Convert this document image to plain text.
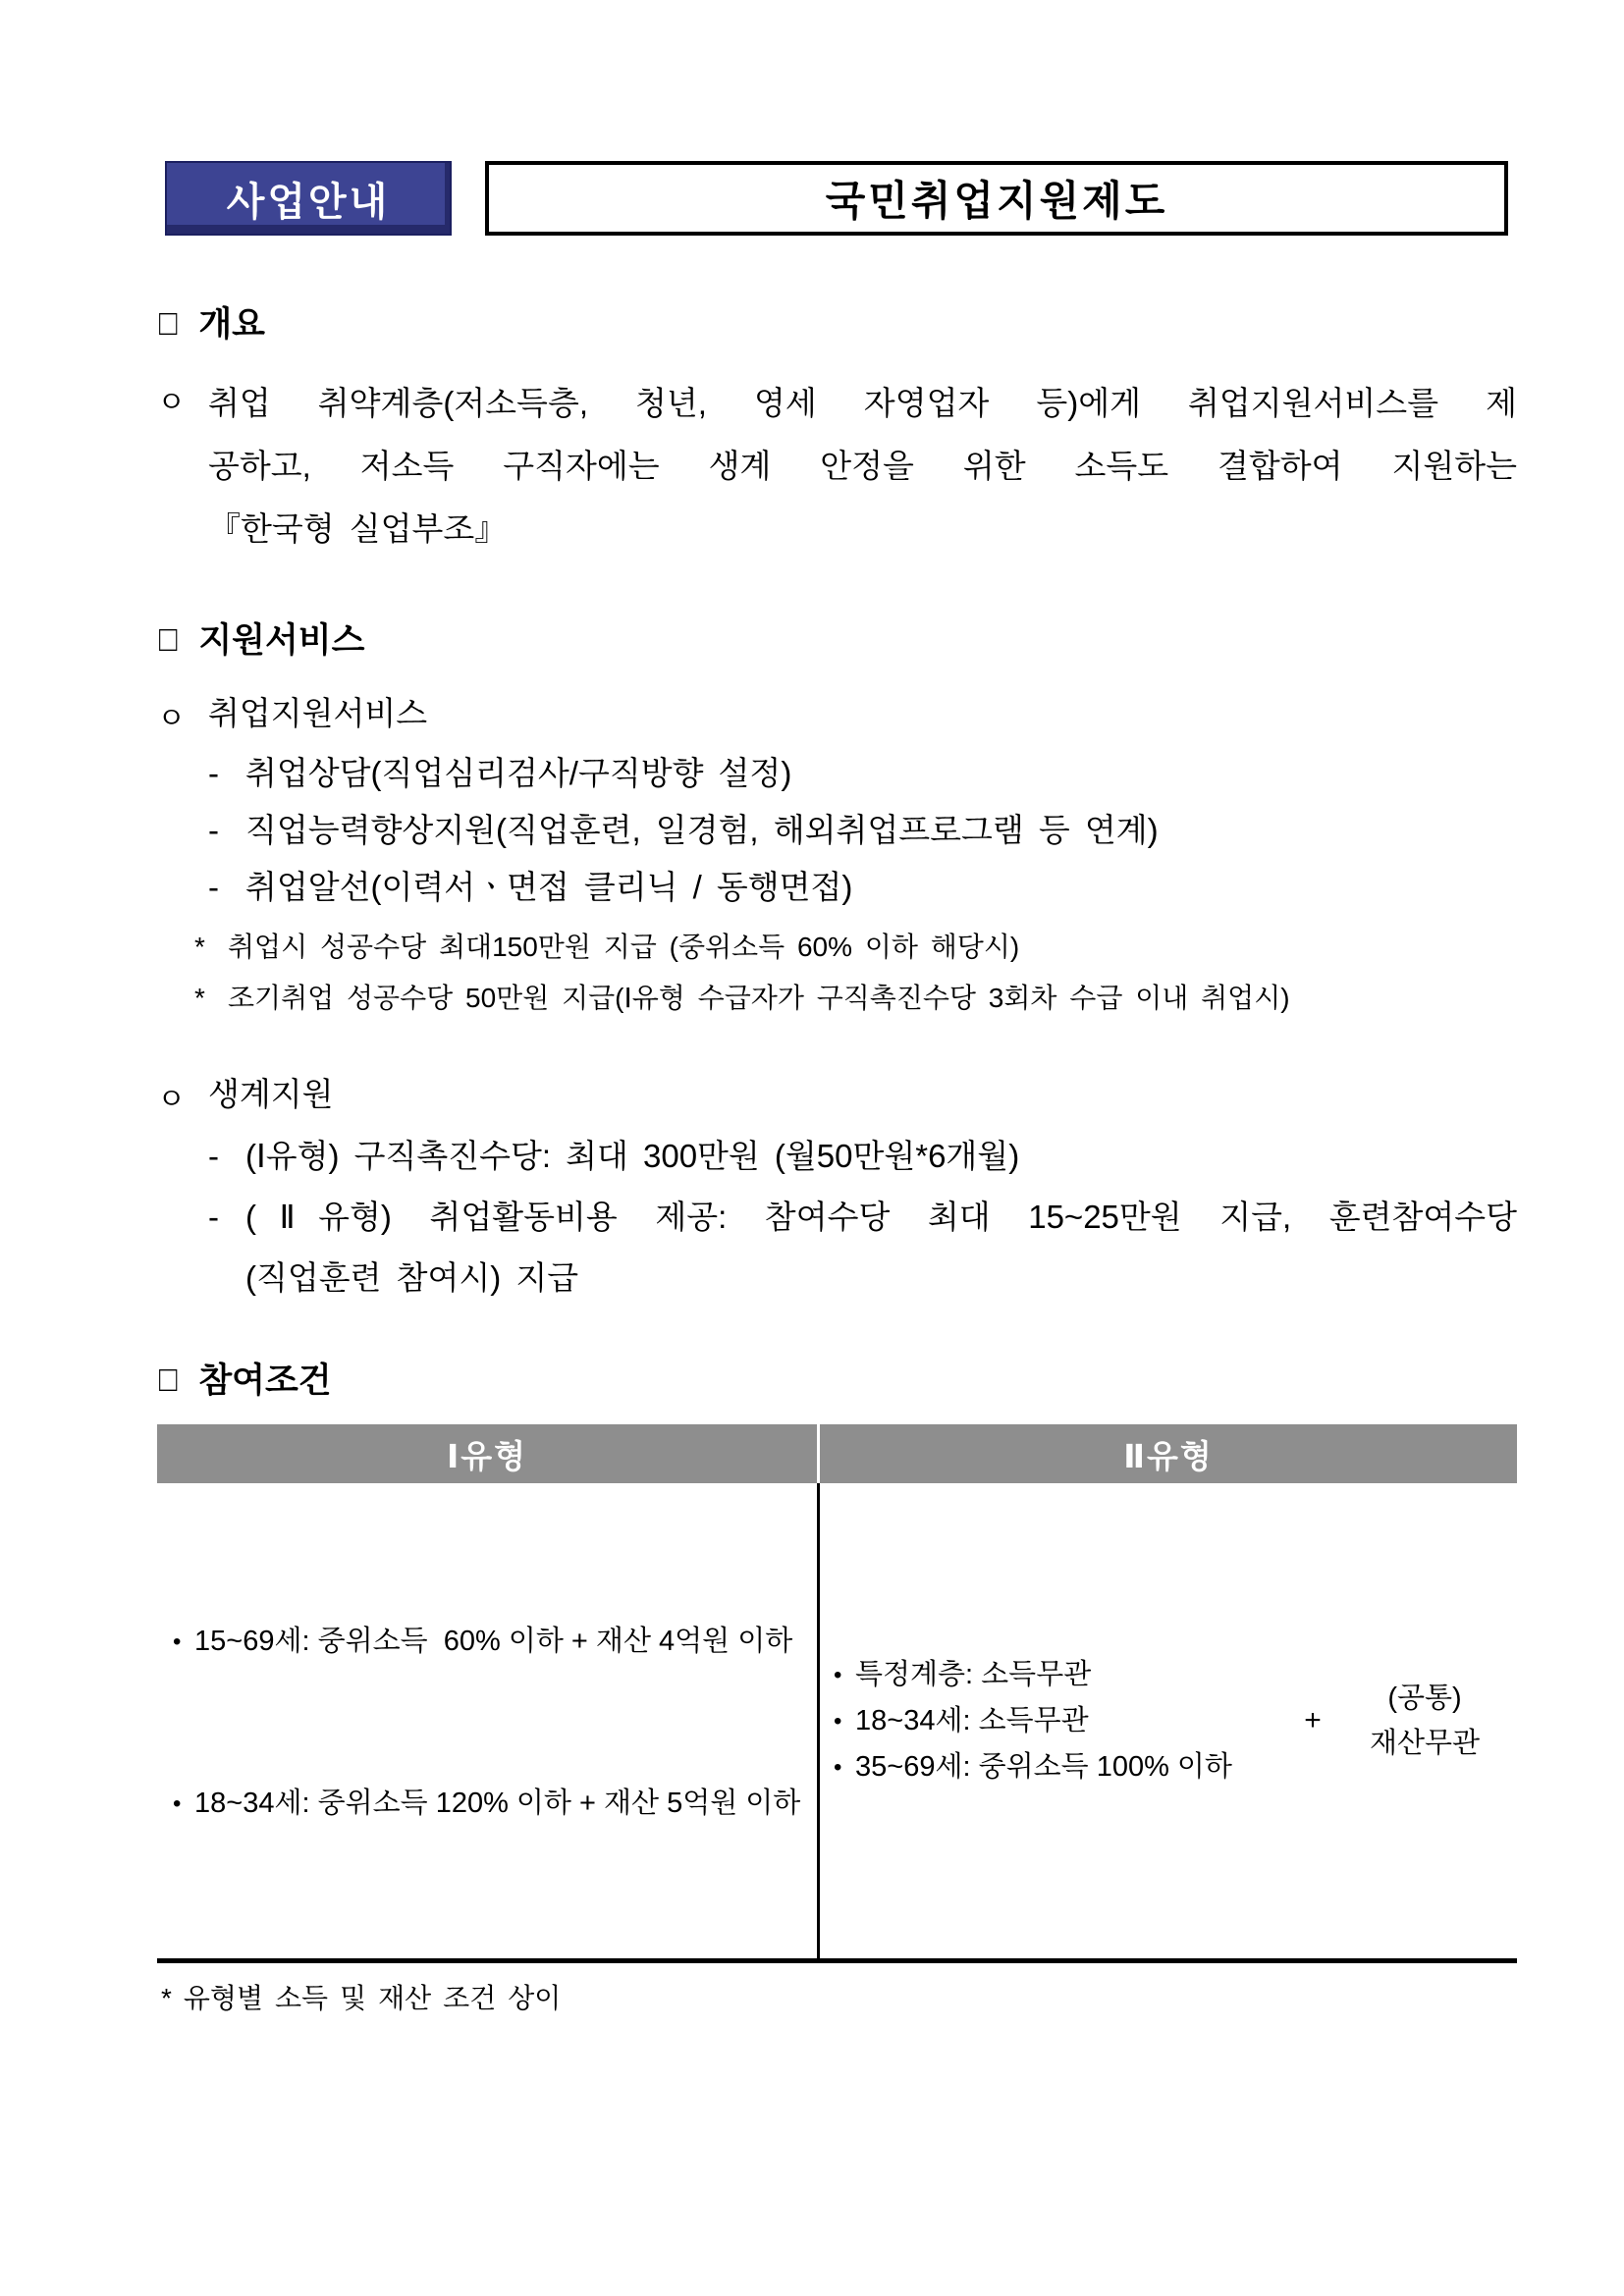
사업안내	국민취업지원제도
□ 개요
ㅇ 취업 취약계층(저소득층, 청년, 영세 자영업자 등)에게 취업지원서비스를 제
공하고, 저소득 구직자에는 생계 안정을 위한 소득도 결합하여 지원하는
『한국형 실업부조』
□ 지원서비스
ㅇ 취업지원서비스
- 취업상담(직업심리검사/구직방향 설정)
- 직업능력향상지원(직업훈련, 일경험, 해외취업프로그램 등 연계)
- 취업알선(이력서ㆍ면접 클리닉 / 동행면접)
* 취업시 성공수당 최대150만원 지급 (중위소득 60% 이하 해당시)
* 조기취업 성공수당 50만원 지급(Ⅰ유형 수급자가 구직촉진수당 3회차 수급 이내 취업시)
ㅇ 생계지원
- (Ⅰ유형) 구직촉진수당: 최대 300만원 (월50만원*6개월)
- (Ⅱ유형) 취업활동비용 제공: 참여수당 최대 15~25만원 지급, 훈련참여수당
(직업훈련 참여시) 지급
□ 참여조건
Ⅰ유형	Ⅱ유형

• 15~69세: 중위소득  60% 이하 + 재산 4억원 이하

• 18~34세: 중위소득 120% 이하 + 재산 5억원 이하

• 특정계층: 소득무관
• 18~34세: 소득무관
• 35~69세: 중위소득 100% 이하
+
(공통)
재산무관
* 유형별 소득 및 재산 조건 상이
